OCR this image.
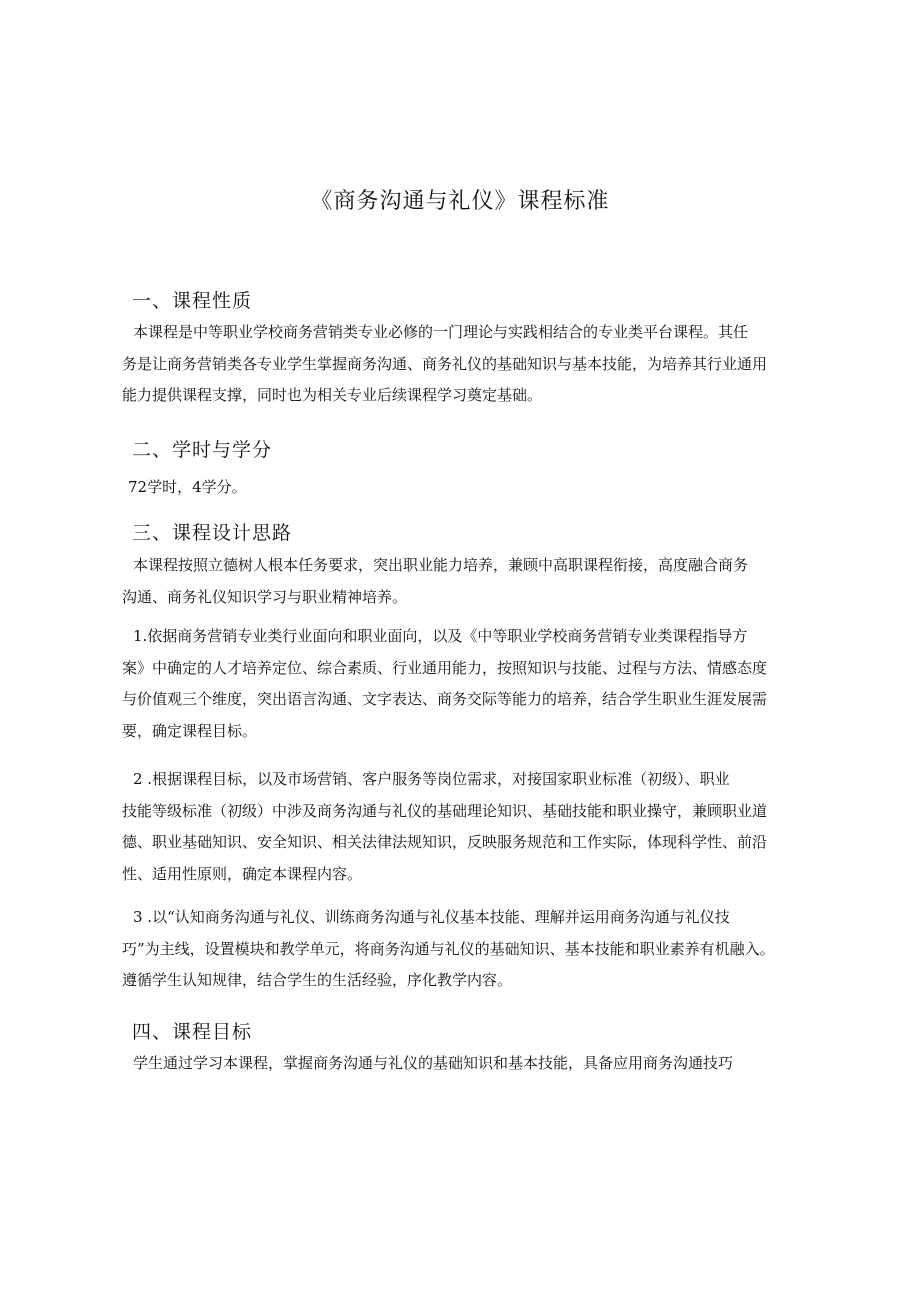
《商务沟通与礼仪》课程标准
一、课程性质

本课程是中等职业学校商务营销类专业必修的一门理论与实践相结合的专业类平台课程。其任
务是让商务营销类各专业学生掌握商务沟通、商务礼仪的基础知识与基本技能，为培养其行业通用
能力提供课程支撑，同时也为相关专业后续课程学习奠定基础。

二、学时与学分

72学时，4学分。

三、课程设计思路

本课程按照立德树人根本任务要求，突出职业能力培养，兼顾中高职课程衔接，高度融合商务
沟通、商务礼仪知识学习与职业精神培养。

1.依据商务营销专业类行业面向和职业面向，以及《中等职业学校商务营销专业类课程指导方
案》中确定的人才培养定位、综合素质、行业通用能力，按照知识与技能、过程与方法、情感态度
与价值观三个维度，突出语言沟通、文字表达、商务交际等能力的培养，结合学生职业生涯发展需
要，确定课程目标。

2 .根据课程目标，以及市场营销、客户服务等岗位需求，对接国家职业标准（初级）、职业
技能等级标准（初级）中涉及商务沟通与礼仪的基础理论知识、基础技能和职业操守，兼顾职业道
德、职业基础知识、安全知识、相关法律法规知识，反映服务规范和工作实际，体现科学性、前沿
性、适用性原则，确定本课程内容。

3 .以“认知商务沟通与礼仪、训练商务沟通与礼仪基本技能、理解并运用商务沟通与礼仪技
巧”为主线，设置模块和教学单元，将商务沟通与礼仪的基础知识、基本技能和职业素养有机融入。
遵循学生认知规律，结合学生的生活经验，序化教学内容。

四、课程目标

学生通过学习本课程，掌握商务沟通与礼仪的基础知识和基本技能，具备应用商务沟通技巧
